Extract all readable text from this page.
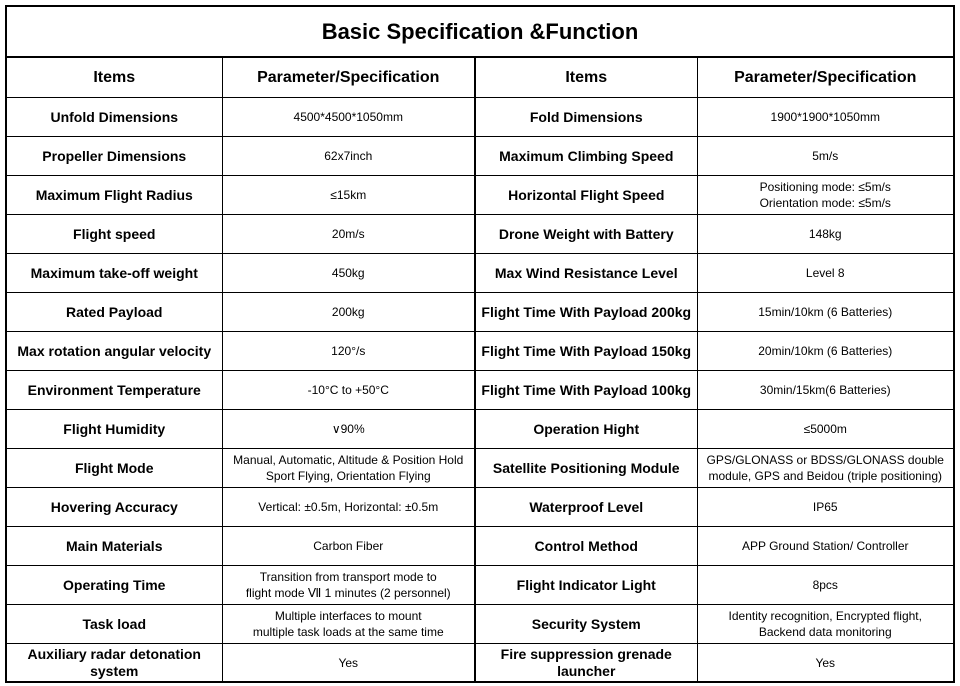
Basic Specification &Function
Items	Parameter/Specification	Items	Parameter/Specification

Unfold Dimensions	4500*4500*1050mm	Fold Dimensions	1900*1900*1050mm

Propeller Dimensions	62x7inch	Maximum Climbing Speed	5m/s

Maximum Flight Radius	≤15km	Horizontal Flight Speed	Positioning mode: ≤5m/s
Orientation mode: ≤5m/s

Flight speed	20m/s	Drone Weight with Battery	148kg

Maximum take-off weight	450kg	Max Wind Resistance Level	Level 8

Rated Payload	200kg	Flight Time With Payload 200kg	15min/10km (6 Batteries)

Max rotation angular velocity	120°/s	Flight Time With Payload 150kg	20min/10km (6 Batteries)

Environment Temperature	-10°C to +50°C	Flight Time With Payload 100kg	30min/15km(6 Batteries)

Flight Humidity	∨90%	Operation Hight	≤5000m

Flight Mode	Manual, Automatic, Altitude & Position Hold
Sport Flying, Orientation Flying	Satellite Positioning Module	GPS/GLONASS or BDSS/GLONASS double
module, GPS and Beidou (triple positioning)

Hovering Accuracy	Vertical: ±0.5m, Horizontal: ±0.5m	Waterproof Level	IP65

Main Materials	Carbon Fiber	Control Method	APP Ground Station/ Controller

Operating Time	Transition from transport mode to
flight mode Ⅶ 1 minutes (2 personnel)	Flight Indicator Light	8pcs

Task load	Multiple interfaces to mount
multiple task loads at the same time	Security System	Identity recognition, Encrypted flight,
Backend data monitoring

Auxiliary radar detonation
system	Yes	Fire suppression grenade
launcher	Yes
